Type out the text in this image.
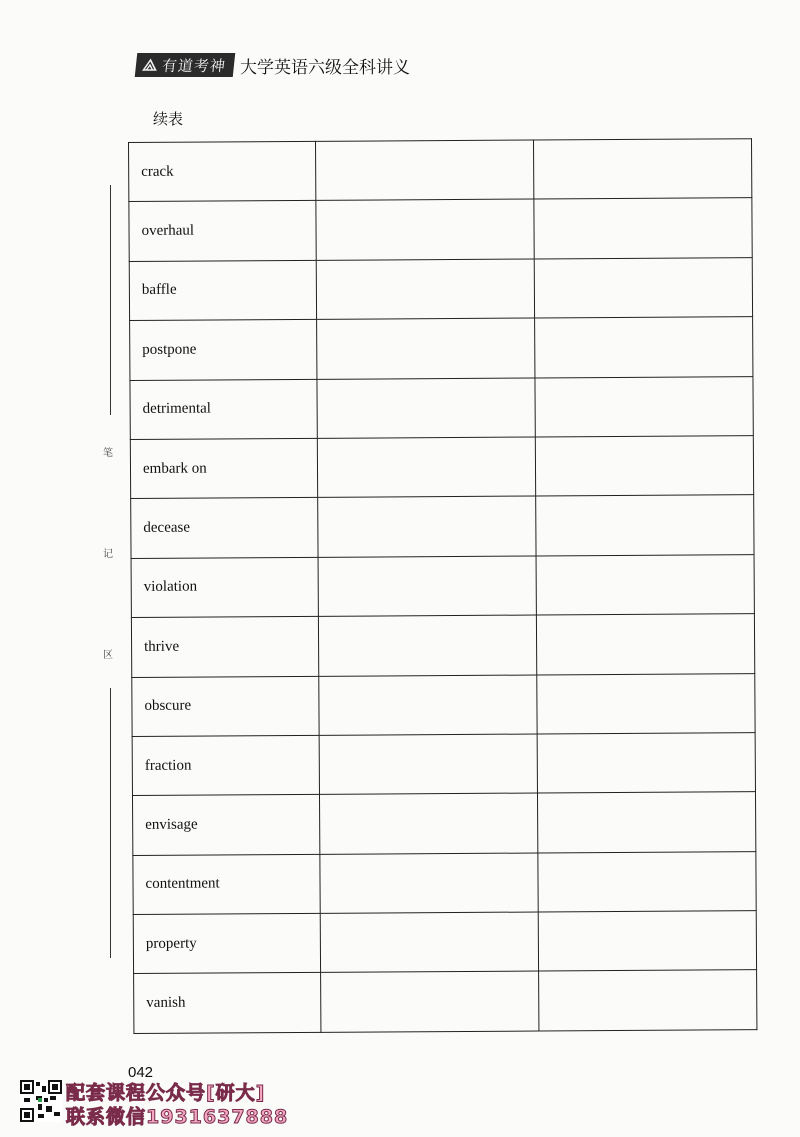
有道考神 大学英语六级全科讲义
续表
笔
记
区
crack		
overhaul		
baffle		
postpone		
detrimental		
embark on		
decease		
violation		
thrive		
obscure		
fraction		
envisage		
contentment		
property		
vanish		
042
配套课程公众号[研大]
联系微信1931637888
